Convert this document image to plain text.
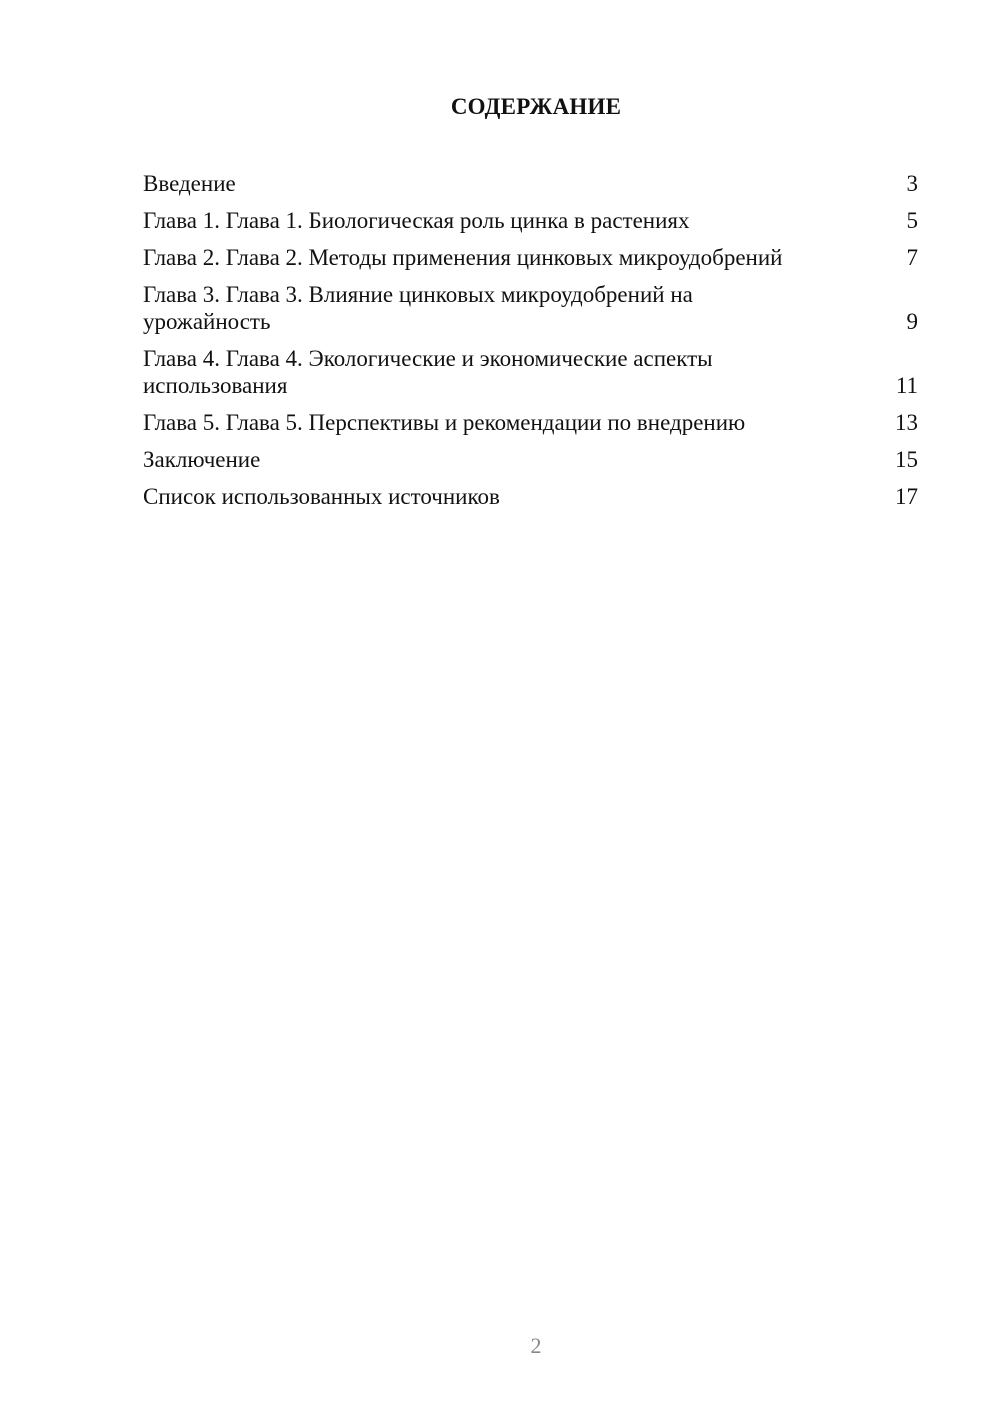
СОДЕРЖАНИЕ
Введение	3
Глава 1. Глава 1. Биологическая роль цинка в растениях	5
Глава 2. Глава 2. Методы применения цинковых микроудобрений	7
Глава 3. Глава 3. Влияние цинковых микроудобрений на урожайность	9
Глава 4. Глава 4. Экологические и экономические аспекты использования	11
Глава 5. Глава 5. Перспективы и рекомендации по внедрению	13
Заключение	15
Список использованных источников	17
2
